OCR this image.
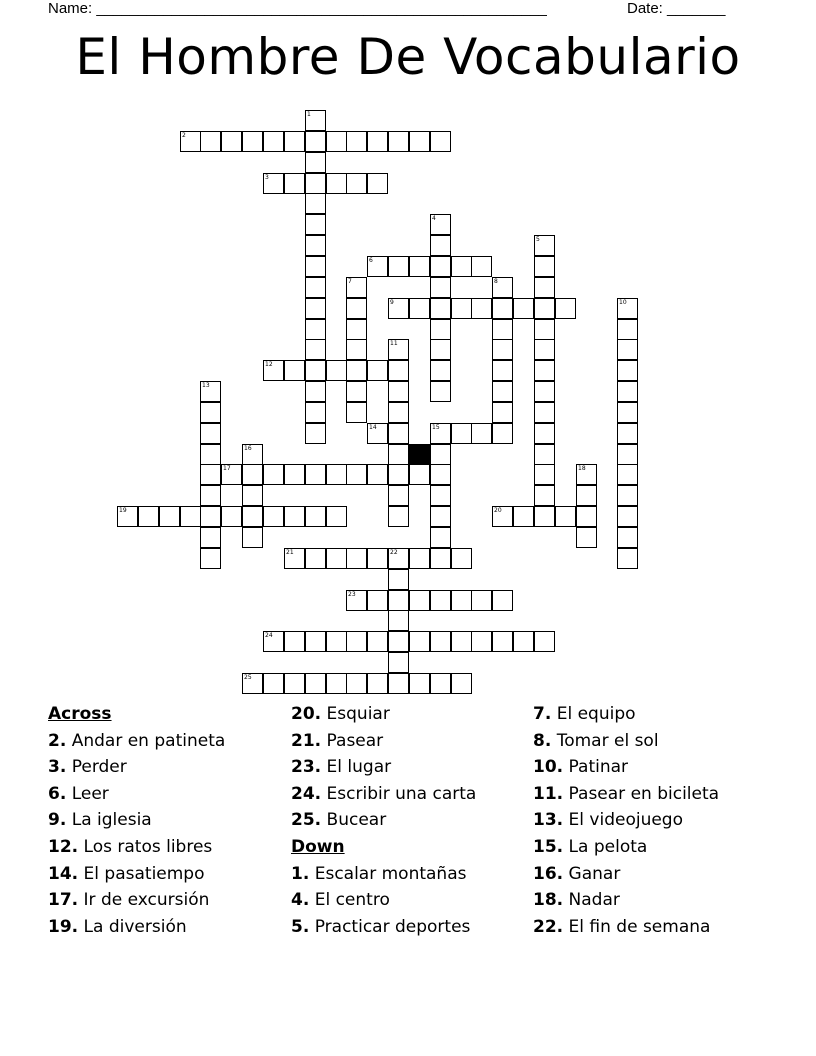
Name: ______________________________________________________	Date: _______
El Hombre De Vocabulario
1
2
3
4
5
6
7	8
9	10
11
12
13
14	15
16
17	18
19	20
21	22
23
24
25
Across
2. Andar en patineta
3. Perder
6. Leer
9. La iglesia
12. Los ratos libres
14. El pasatiempo
17. Ir de excursión
19. La diversión
20. Esquiar
21. Pasear
23. El lugar
24. Escribir una carta
25. Bucear
Down
1. Escalar montañas
4. El centro
5. Practicar deportes
7. El equipo
8. Tomar el sol
10. Patinar
11. Pasear en bicileta
13. El videojuego
15. La pelota
16. Ganar
18. Nadar
22. El fin de semana
